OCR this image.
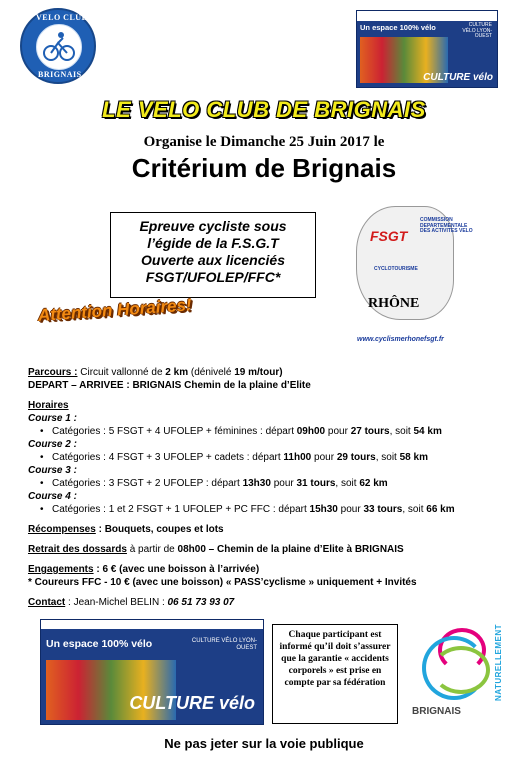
VELO CLUB
BRIGNAIS
Un espace 100% vélo	CULTURE VÉLO LYON-OUEST
CULTURE vélo
LE VELO CLUB DE BRIGNAIS
Organise le Dimanche 25 Juin 2017 le
Critérium de Brignais
Epreuve cycliste sous
l’égide de la F.S.G.T
Ouverte aux licenciés
FSGT/UFOLEP/FFC*
FSGT
COMMISSION DEPARTEMENTALE DES ACTIVITES VELO
CYCLOTOURISME
RHÔNE
www.cyclismerhonefsgt.fr
Attention Horaires!

Parcours : Circuit vallonné de 2 km (dénivelé 19 m/tour)

DEPART – ARRIVEE : BRIGNAIS Chemin de la plaine d’Elite

Horaires

Course 1 :

• Catégories : 5 FSGT + 4 UFOLEP + féminines : départ 09h00 pour 27 tours, soit 54 km

Course 2 :

• Catégories : 4 FSGT + 3 UFOLEP + cadets : départ 11h00 pour 29 tours, soit 58 km

Course 3 :

• Catégories : 3 FSGT + 2 UFOLEP : départ 13h30 pour 31 tours, soit 62 km

Course 4 :

• Catégories : 1 et 2 FSGT + 1 UFOLEP + PC FFC : départ 15h30 pour 33 tours, soit 66 km

Récompenses : Bouquets, coupes et lots

Retrait des dossards à partir de 08h00 – Chemin de la plaine d’Elite à BRIGNAIS

Engagements : 6 € (avec une boisson à l’arrivée)

* Coureurs FFC - 10 € (avec une boisson) « PASS’cyclisme » uniquement + Invités

Contact : Jean-Michel BELIN : 06 51 73 93 07

Un espace 100% vélo	CULTURE VÉLO LYON-OUEST
CULTURE vélo
Chaque participant est informé qu’il doit s’assurer que la garantie « accidents corporels » est prise en compte par sa fédération	NATURELLEMENT
BRIGNAIS
Ne pas jeter sur la voie publique
